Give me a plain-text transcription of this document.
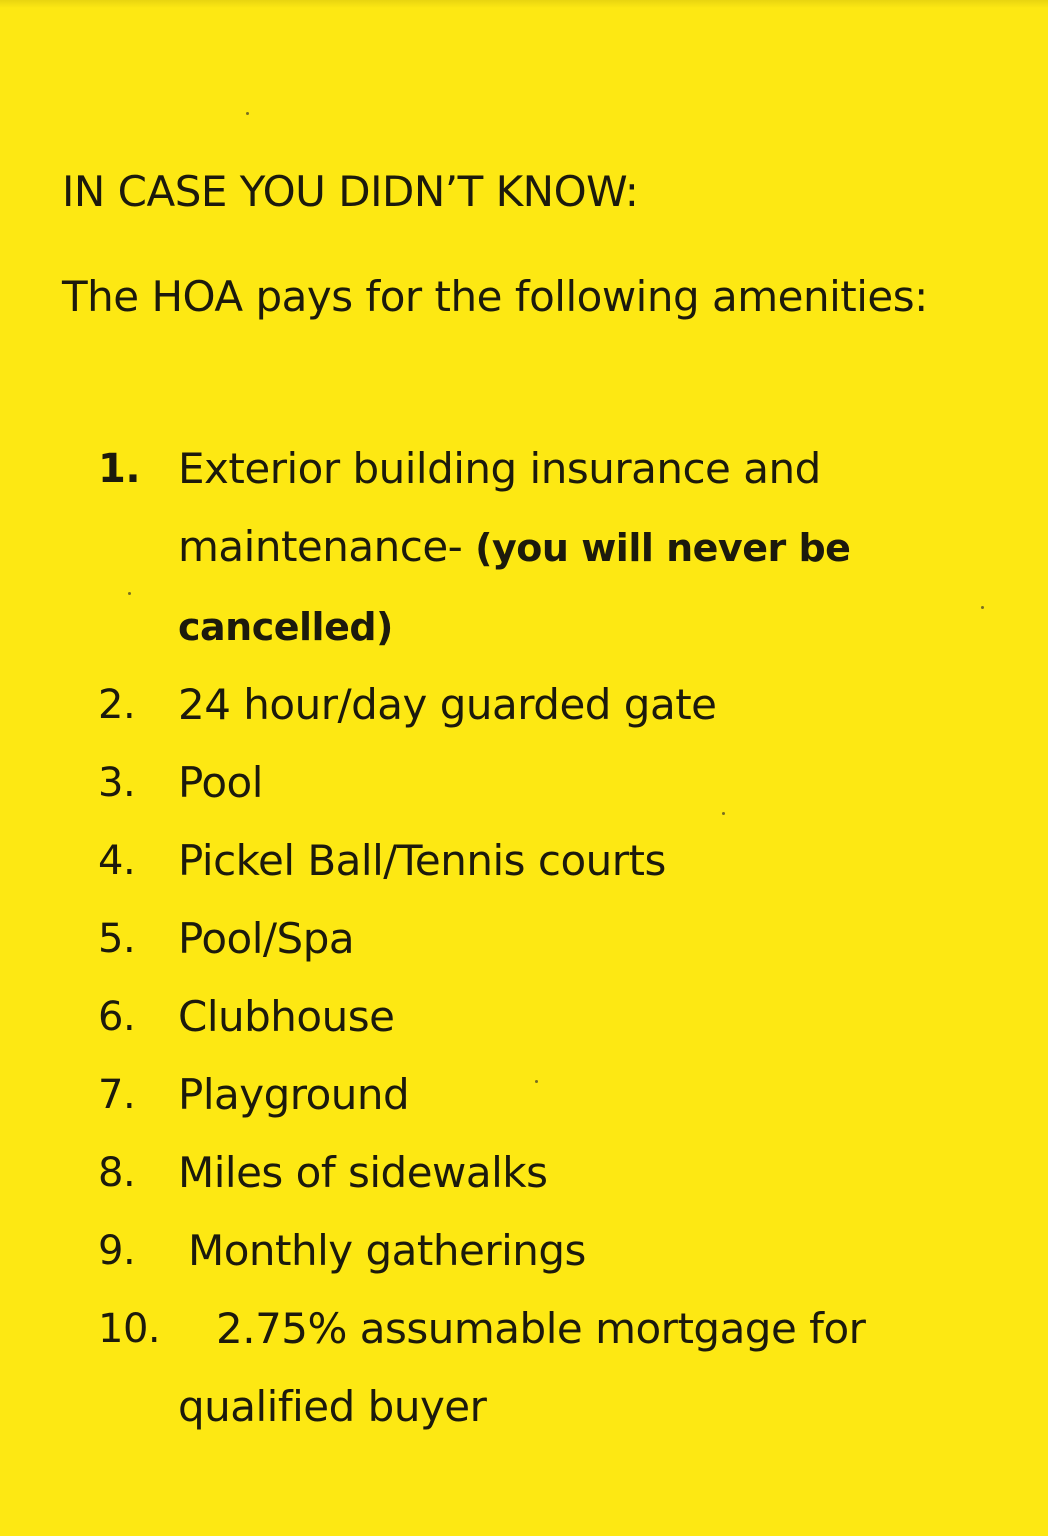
IN CASE YOU DIDN’T KNOW:
The HOA pays for the following amenities:
1. Exterior building insurance and maintenance- (you will never be cancelled)
2. 24 hour/day guarded gate
3. Pool
4. Pickel Ball/Tennis courts
5. Pool/Spa
6. Clubhouse
7. Playground
8. Miles of sidewalks
9. Monthly gatherings
10. 2.75% assumable mortgage for qualified buyer
